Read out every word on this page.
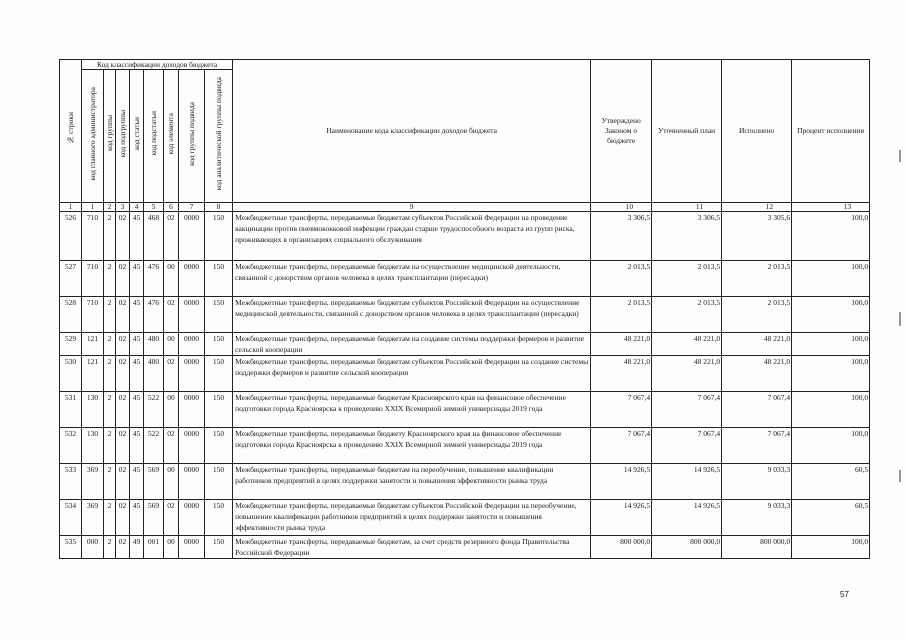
№ строки	Код классификации доходов бюджета								Наименование кода классификации доходов бюджета	Утверждено Законом о бюджете	Уточненный план	Исполнено	Процент исполнения
	код главного администратора	код группы	код подгруппы	код статьи	код подстатьи	код элемента	код группы подвида	код аналитической группы подвида					
1	1	2	3	4	5	6	7	8	9	10	11	12	13
526	710	2	02	45	468	02	0000	150	Межбюджетные трансферты, передаваемые бюджетам субъектов Российской Федерации на проведение вакцинации против пневмококковой инфекции граждан старше трудоспособного возраста из групп риска, проживающих в организациях социального обслуживания	3 306,5	3 306,5	3 305,6	100,0
527	710	2	02	45	476	00	0000	150	Межбюджетные трансферты, передаваемые бюджетам на осуществление медицинской деятельности, связанной с донорством органов человека в целях трансплантации (пересадки)	2 013,5	2 013,5	2 013,5	100,0
528	710	2	02	45	476	02	0000	150	Межбюджетные трансферты, передаваемые бюджетам субъектов Российской Федерации на осуществление медицинской деятельности, связанной с донорством органов человека в целях трансплантации (пересадки)	2 013,5	2 013,5	2 013,5	100,0
529	121	2	02	45	480	00	0000	150	Межбюджетные трансферты, передаваемые бюджетам на создание системы поддержки фермеров и развитие сельской кооперации	48 221,0	48 221,0	48 221,0	100,0
530	121	2	02	45	480	02	0000	150	Межбюджетные трансферты, передаваемые бюджетам субъектов Российской Федерации на создание системы поддержки фермеров и развитие сельской кооперации	48 221,0	48 221,0	48 221,0	100,0
531	130	2	02	45	522	00	0000	150	Межбюджетные трансферты, передаваемые бюджетам Красноярского края на финансовое обеспечение подготовки города Красноярска к проведению XXIX Всемирной зимней универсиады 2019 года	7 067,4	7 067,4	7 067,4	100,0
532	130	2	02	45	522	02	0000	150	Межбюджетные трансферты, передаваемые бюджету Красноярского края на финансовое обеспечение подготовки города Красноярска к проведению XXIX Всемирной зимней универсиады 2019 года	7 067,4	7 067,4	7 067,4	100,0
533	369	2	02	45	569	00	0000	150	Межбюджетные трансферты, передаваемые бюджетам на переобучение, повышение квалификации работников предприятий в целях поддержки занятости и повышения эффективности рынка труда	14 926,5	14 926,5	9 033,3	60,5
534	369	2	02	45	569	02	0000	150	Межбюджетные трансферты, передаваемые бюджетам субъектов Российской Федерации на переобучение, повышение квалификации работников предприятий в целях поддержки занятости и повышения эффективности рынка труда	14 926,5	14 926,5	9 033,3	60,5
535	000	2	02	49	001	00	0000	150	Межбюджетные трансферты, передаваемые бюджетам, за счет средств резервного фонда Правительства Российской Федерации	800 000,0	800 000,0	800 000,0	100,0
57
